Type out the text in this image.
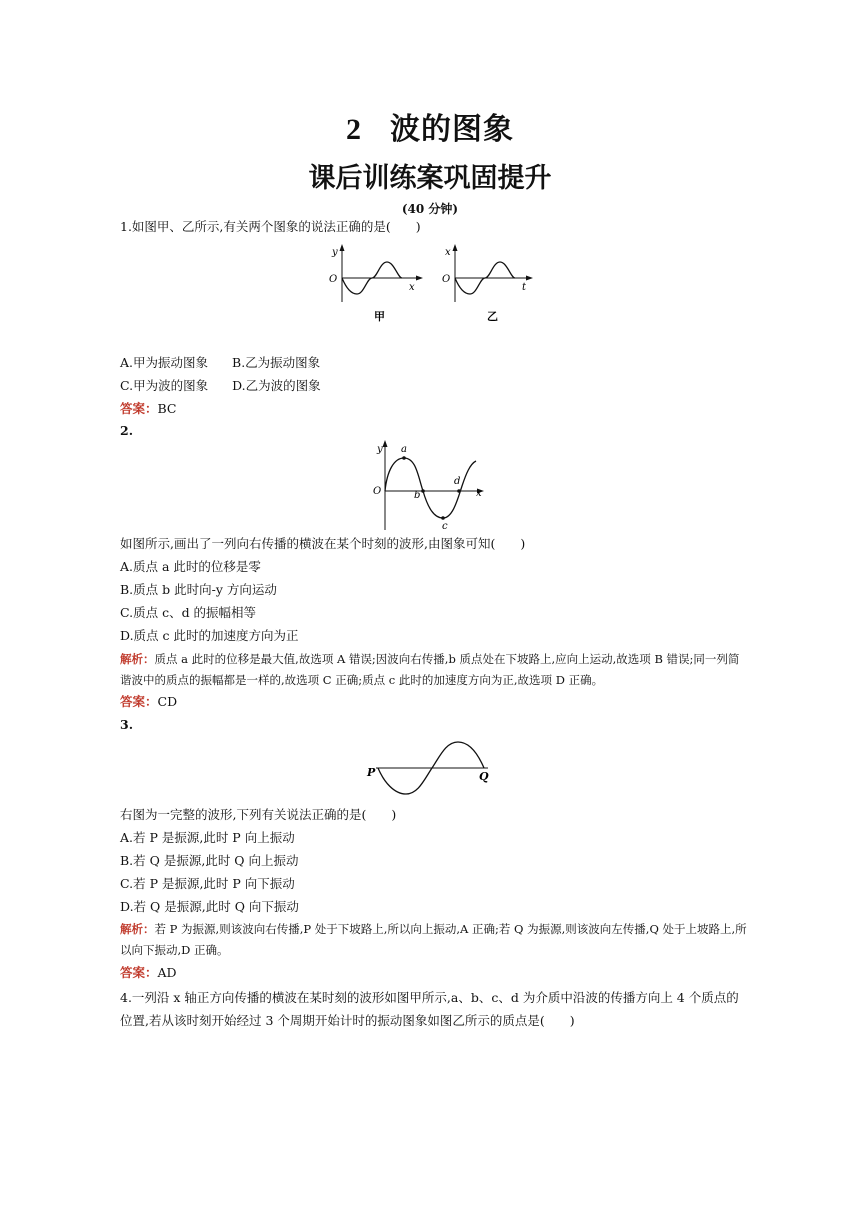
2 波的图象
课后训练案巩固提升
(40 分钟)
1.如图甲、乙所示,有关两个图象的说法正确的是(　　)
y
O
x
甲
x
O
t
乙
A.甲为振动图象 B.乙为振动图象
C.甲为波的图象 D.乙为波的图象
答案：BC
2.
y
O	x
a
b
c
d
如图所示,画出了一列向右传播的横波在某个时刻的波形,由图象可知(　　)
A.质点 a 此时的位移是零
B.质点 b 此时向-y 方向运动
C.质点 c、d 的振幅相等
D.质点 c 此时的加速度方向为正
解析：质点 a 此时的位移是最大值,故选项 A 错误;因波向右传播,b 质点处在下坡路上,应向上运动,故选项 B 错误;同一列简谐波中的质点的振幅都是一样的,故选项 C 正确;质点 c 此时的加速度方向为正,故选项 D 正确。
答案：CD
3.
P	Q
右图为一完整的波形,下列有关说法正确的是(　　)
A.若 P 是振源,此时 P 向上振动
B.若 Q 是振源,此时 Q 向上振动
C.若 P 是振源,此时 P 向下振动
D.若 Q 是振源,此时 Q 向下振动
解析：若 P 为振源,则该波向右传播,P 处于下坡路上,所以向上振动,A 正确;若 Q 为振源,则该波向左传播,Q 处于上坡路上,所以向下振动,D 正确。
答案：AD
4.一列沿 x 轴正方向传播的横波在某时刻的波形如图甲所示,a、b、c、d 为介质中沿波的传播方向上 4 个质点的位置,若从该时刻开始经过 3 个周期开始计时的振动图象如图乙所示的质点是(　　)
